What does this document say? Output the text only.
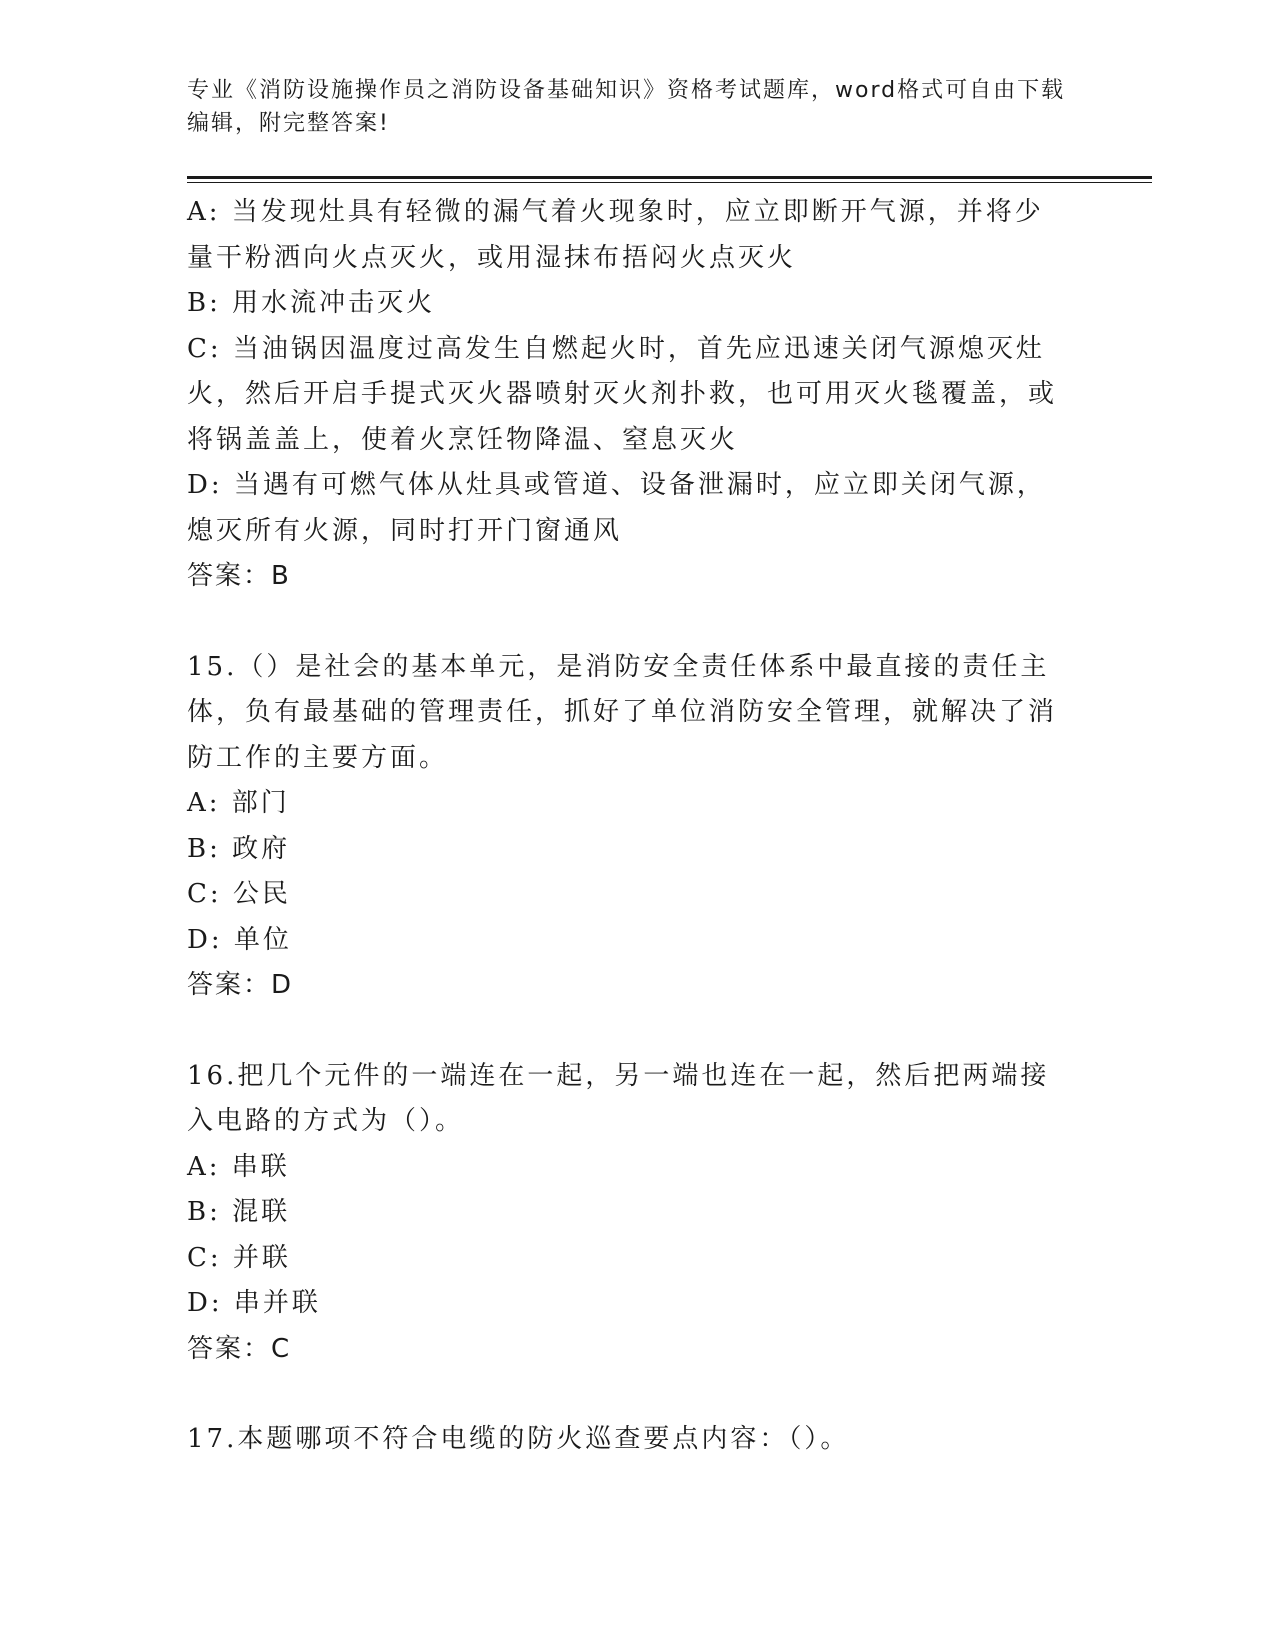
专业《消防设施操作员之消防设备基础知识》资格考试题库，word格式可自由下载编辑，附完整答案!

A: 当发现灶具有轻微的漏气着火现象时，应立即断开气源，并将少量干粉洒向火点灭火，或用湿抹布捂闷火点灭火

B: 用水流冲击灭火

C: 当油锅因温度过高发生自燃起火时，首先应迅速关闭气源熄灭灶火，然后开启手提式灭火器喷射灭火剂扑救，也可用灭火毯覆盖，或将锅盖盖上，使着火烹饪物降温、窒息灭火

D: 当遇有可燃气体从灶具或管道、设备泄漏时，应立即关闭气源，熄灭所有火源，同时打开门窗通风

答案：B

15.（）是社会的基本单元，是消防安全责任体系中最直接的责任主体，负有最基础的管理责任，抓好了单位消防安全管理，就解决了消防工作的主要方面。

A: 部门

B: 政府

C: 公民

D: 单位

答案：D

16.把几个元件的一端连在一起，另一端也连在一起，然后把两端接入电路的方式为（）。

A: 串联

B: 混联

C: 并联

D: 串并联

答案：C

17.本题哪项不符合电缆的防火巡查要点内容：（）。
